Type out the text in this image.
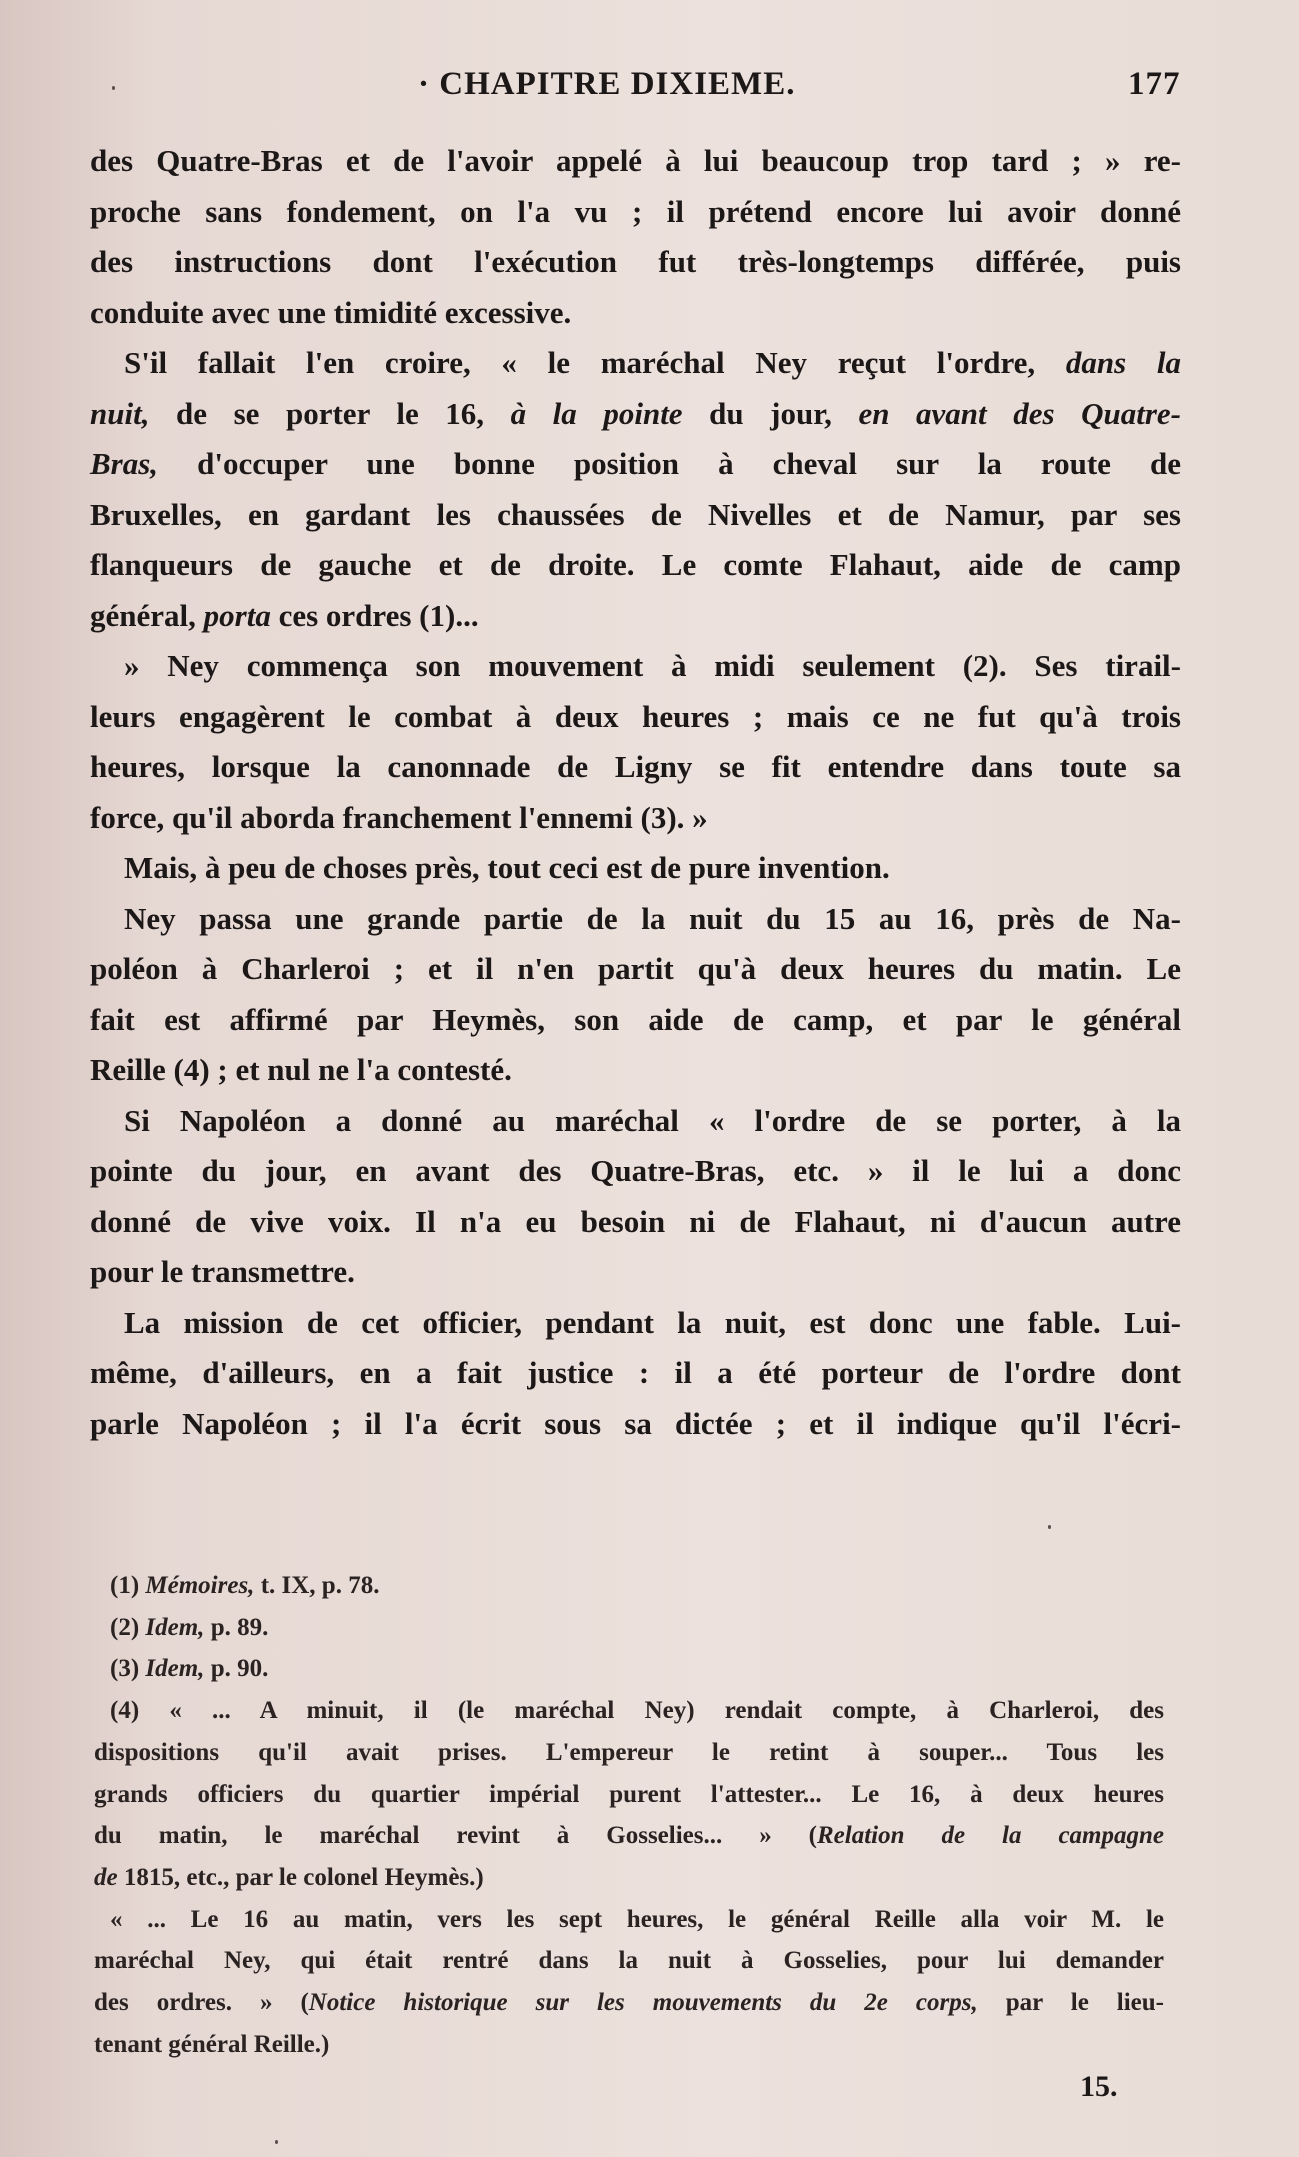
· CHAPITRE DIXIEME.	177
des Quatre-Bras et de l'avoir appelé à lui beaucoup trop tard ; » re-
proche sans fondement, on l'a vu ; il prétend encore lui avoir donné
des instructions dont l'exécution fut très-longtemps différée, puis
conduite avec une timidité excessive.
S'il fallait l'en croire, « le maréchal Ney reçut l'ordre, dans la
nuit, de se porter le 16, à la pointe du jour, en avant des Quatre-
Bras, d'occuper une bonne position à cheval sur la route de
Bruxelles, en gardant les chaussées de Nivelles et de Namur, par ses
flanqueurs de gauche et de droite. Le comte Flahaut, aide de camp
général, porta ces ordres (1)...
» Ney commença son mouvement à midi seulement (2). Ses tirail-
leurs engagèrent le combat à deux heures ; mais ce ne fut qu'à trois
heures, lorsque la canonnade de Ligny se fit entendre dans toute sa
force, qu'il aborda franchement l'ennemi (3). »
Mais, à peu de choses près, tout ceci est de pure invention.
Ney passa une grande partie de la nuit du 15 au 16, près de Na-
poléon à Charleroi ; et il n'en partit qu'à deux heures du matin. Le
fait est affirmé par Heymès, son aide de camp, et par le général
Reille (4) ; et nul ne l'a contesté.
Si Napoléon a donné au maréchal « l'ordre de se porter, à la
pointe du jour, en avant des Quatre-Bras, etc. » il le lui a donc
donné de vive voix. Il n'a eu besoin ni de Flahaut, ni d'aucun autre
pour le transmettre.
La mission de cet officier, pendant la nuit, est donc une fable. Lui-
même, d'ailleurs, en a fait justice : il a été porteur de l'ordre dont
parle Napoléon ; il l'a écrit sous sa dictée ; et il indique qu'il l'écri-
(1) Mémoires, t. IX, p. 78.
(2) Idem, p. 89.
(3) Idem, p. 90.
(4) « ... A minuit, il (le maréchal Ney) rendait compte, à Charleroi, des
dispositions qu'il avait prises. L'empereur le retint à souper... Tous les
grands officiers du quartier impérial purent l'attester... Le 16, à deux heures
du matin, le maréchal revint à Gosselies... » (Relation de la campagne
de 1815, etc., par le colonel Heymès.)
« ... Le 16 au matin, vers les sept heures, le général Reille alla voir M. le
maréchal Ney, qui était rentré dans la nuit à Gosselies, pour lui demander
des ordres. » (Notice historique sur les mouvements du 2e corps, par le lieu-
tenant général Reille.)
15.
